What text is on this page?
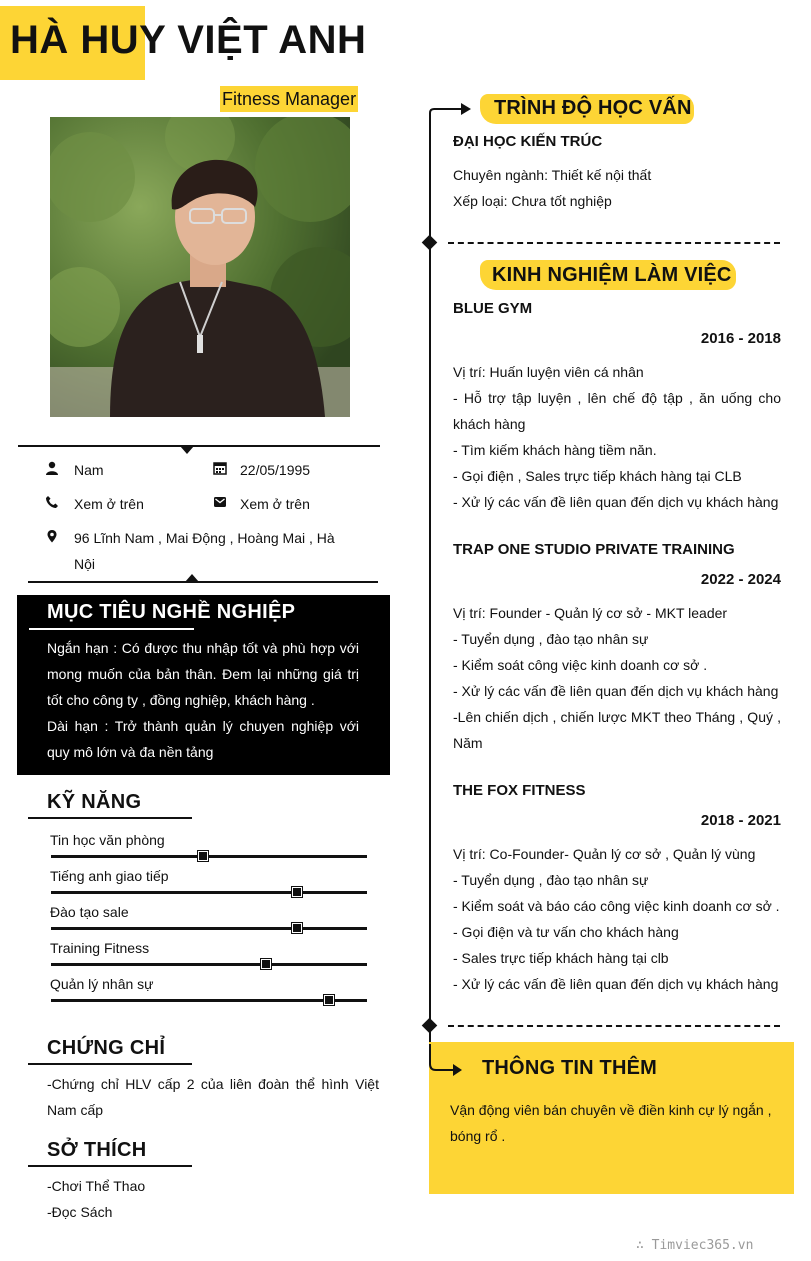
HÀ HUY VIỆT ANH
Fitness Manager
Nam	22/05/1995
Xem ở trên	Xem ở trên
96 Lĩnh Nam , Mai Động , Hoàng Mai , Hà
Nội
MỤC TIÊU NGHỀ NGHIỆP
Ngắn hạn : Có được thu nhập tốt và phù hợp với mong muốn của bản thân. Đem lại những giá trị tốt cho công ty , đồng nghiệp, khách hàng .
Dài hạn : Trở thành quản lý chuyen nghiệp với quy mô lớn và đa nền tảng
KỸ NĂNG
Tin học văn phòng
Tiếng anh giao tiếp
Đào tạo sale
Training Fitness
Quản lý nhân sự
CHỨNG CHỈ
-Chứng chỉ HLV cấp 2 của liên đoàn thể hình Việt Nam cấp
SỞ THÍCH
-Chơi Thể Thao
-Đọc Sách
TRÌNH ĐỘ HỌC VẤN
ĐẠI HỌC KIẾN TRÚC
Chuyên ngành: Thiết kế nội thất
Xếp loại: Chưa tốt nghiệp
KINH NGHIỆM LÀM VIỆC
BLUE GYM
2016 - 2018
Vị trí: Huấn luyện viên cá nhân
- Hỗ trợ tập luyện , lên chế độ tập , ăn uống cho khách hàng
- Tìm kiếm khách hàng tiềm năn.
- Gọi điện , Sales trực tiếp khách hàng tại CLB
- Xử lý các vấn đề liên quan đến dịch vụ khách hàng
TRAP ONE STUDIO PRIVATE TRAINING
2022 - 2024
Vị trí: Founder - Quản lý cơ sở - MKT leader
- Tuyển dụng , đào tạo nhân sự
- Kiểm soát công việc kinh doanh cơ sở .
- Xử lý các vấn đề liên quan đến dịch vụ khách hàng
-Lên chiến dịch , chiến lược MKT theo Tháng , Quý , Năm
THE FOX FITNESS
2018 - 2021
Vị trí: Co-Founder- Quản lý cơ sở , Quản lý vùng
- Tuyển dụng , đào tạo nhân sự
- Kiểm soát và báo cáo công việc kinh doanh cơ sở .
- Gọi điện và tư vấn cho khách hàng
- Sales trực tiếp khách hàng tại clb
- Xử lý các vấn đề liên quan đến dịch vụ khách hàng
THÔNG TIN THÊM
Vận động viên bán chuyên về điền kinh cự lý ngắn , bóng rổ .
∴ Timviec365.vn
